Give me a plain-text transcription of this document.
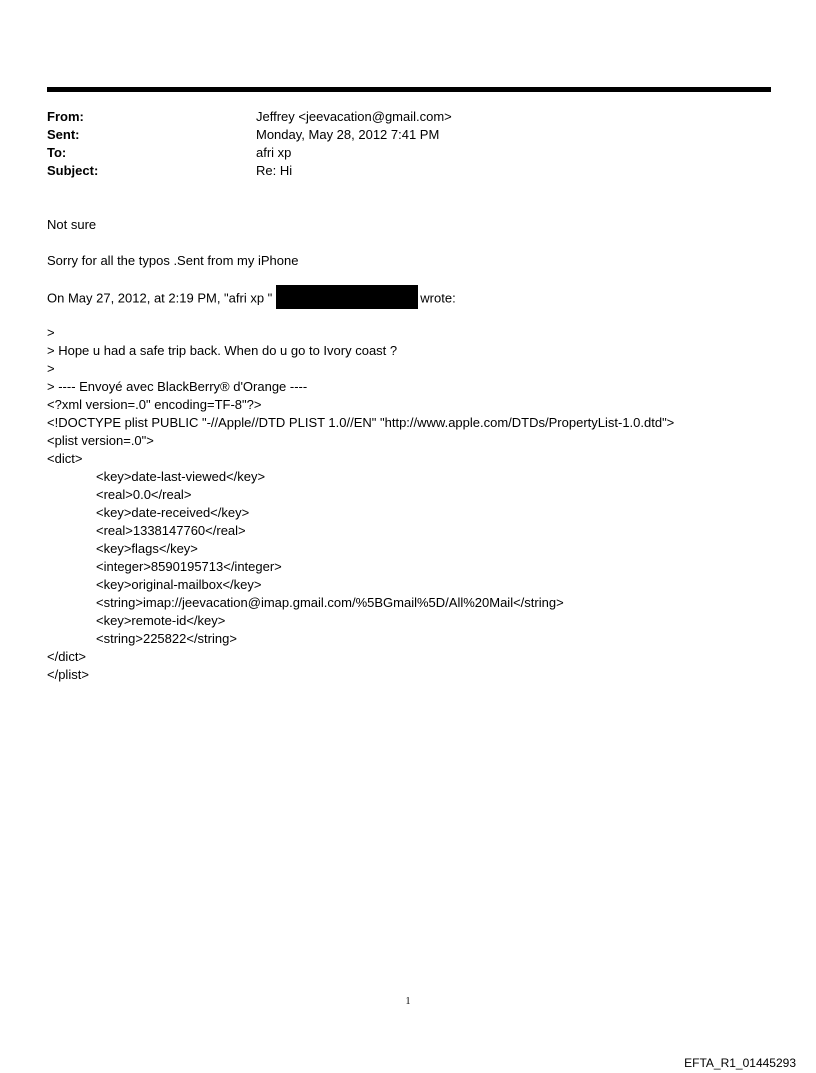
From:	Jeffrey <jeevacation@gmail.com>
Sent:	Monday, May 28, 2012 7:41 PM
To:	afri xp
Subject:	Re: Hi
Not sure
Sorry for all the typos .Sent from my iPhone
On May 27, 2012, at 2:19 PM, "afri xp "	wrote:
>
> Hope u had a safe trip back. When do u go to Ivory coast ?
>
> ---- Envoyé avec BlackBerry® d'Orange ----
<?xml version=.0" encoding=TF-8"?>
<!DOCTYPE plist PUBLIC "-//Apple//DTD PLIST 1.0//EN" "http://www.apple.com/DTDs/PropertyList-1.0.dtd">
<plist version=.0">
<dict>
<key>date-last-viewed</key>
<real>0.0</real>
<key>date-received</key>
<real>1338147760</real>
<key>flags</key>
<integer>8590195713</integer>
<key>original-mailbox</key>
<string>imap://jeevacation@imap.gmail.com/%5BGmail%5D/All%20Mail</string>
<key>remote-id</key>
<string>225822</string>
</dict>
</plist>
1
EFTA_R1_01445293
